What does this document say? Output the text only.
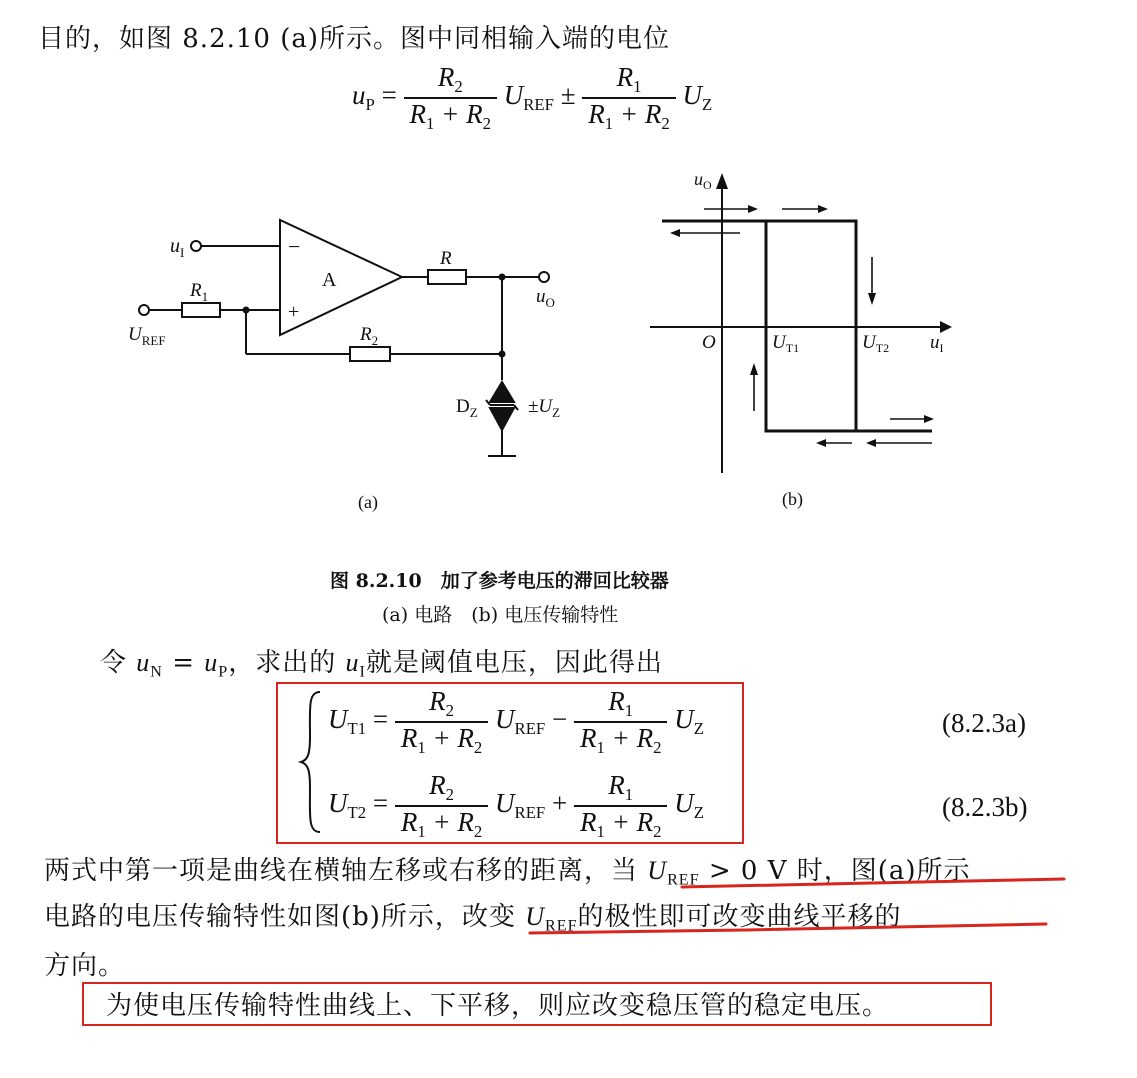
目的，如图 8.2.10 (a)所示。图中同相输入端的电位
$u_P = \frac{R_2}{R_1 + R_2} U_{REF} \pm \frac{R_1}{R_1 + R_2} U_Z$
$u_I$	−
+
A
R
$R_1$
$R_2$
$U_{REF}$
$u_O$
$D_Z$	$\pm U_Z$
(a)
$u_O$
O	$U_{T1}$	$U_{T2}$ $u_I$
(b)
图 8.2.10　加了参考电压的滞回比较器
(a) 电路　(b) 电压传输特性
令 $u_N = u_P$，求出的 $u_I$就是阈值电压，因此得出
$U_{T1} = \frac{R_2}{R_1 + R_2} U_{REF} - \frac{R_1}{R_1 + R_2} U_Z$	(8.2.3a)
$U_{T2} = \frac{R_2}{R_1 + R_2} U_{REF} + \frac{R_1}{R_1 + R_2} U_Z$	(8.2.3b)
两式中第一项是曲线在横轴左移或右移的距离，当 $U_{REF} > 0$ V 时，图(a)所示
电路的电压传输特性如图(b)所示，改变 $U_{REF}$的极性即可改变曲线平移的
方向。
为使电压传输特性曲线上、下平移，则应改变稳压管的稳定电压。
